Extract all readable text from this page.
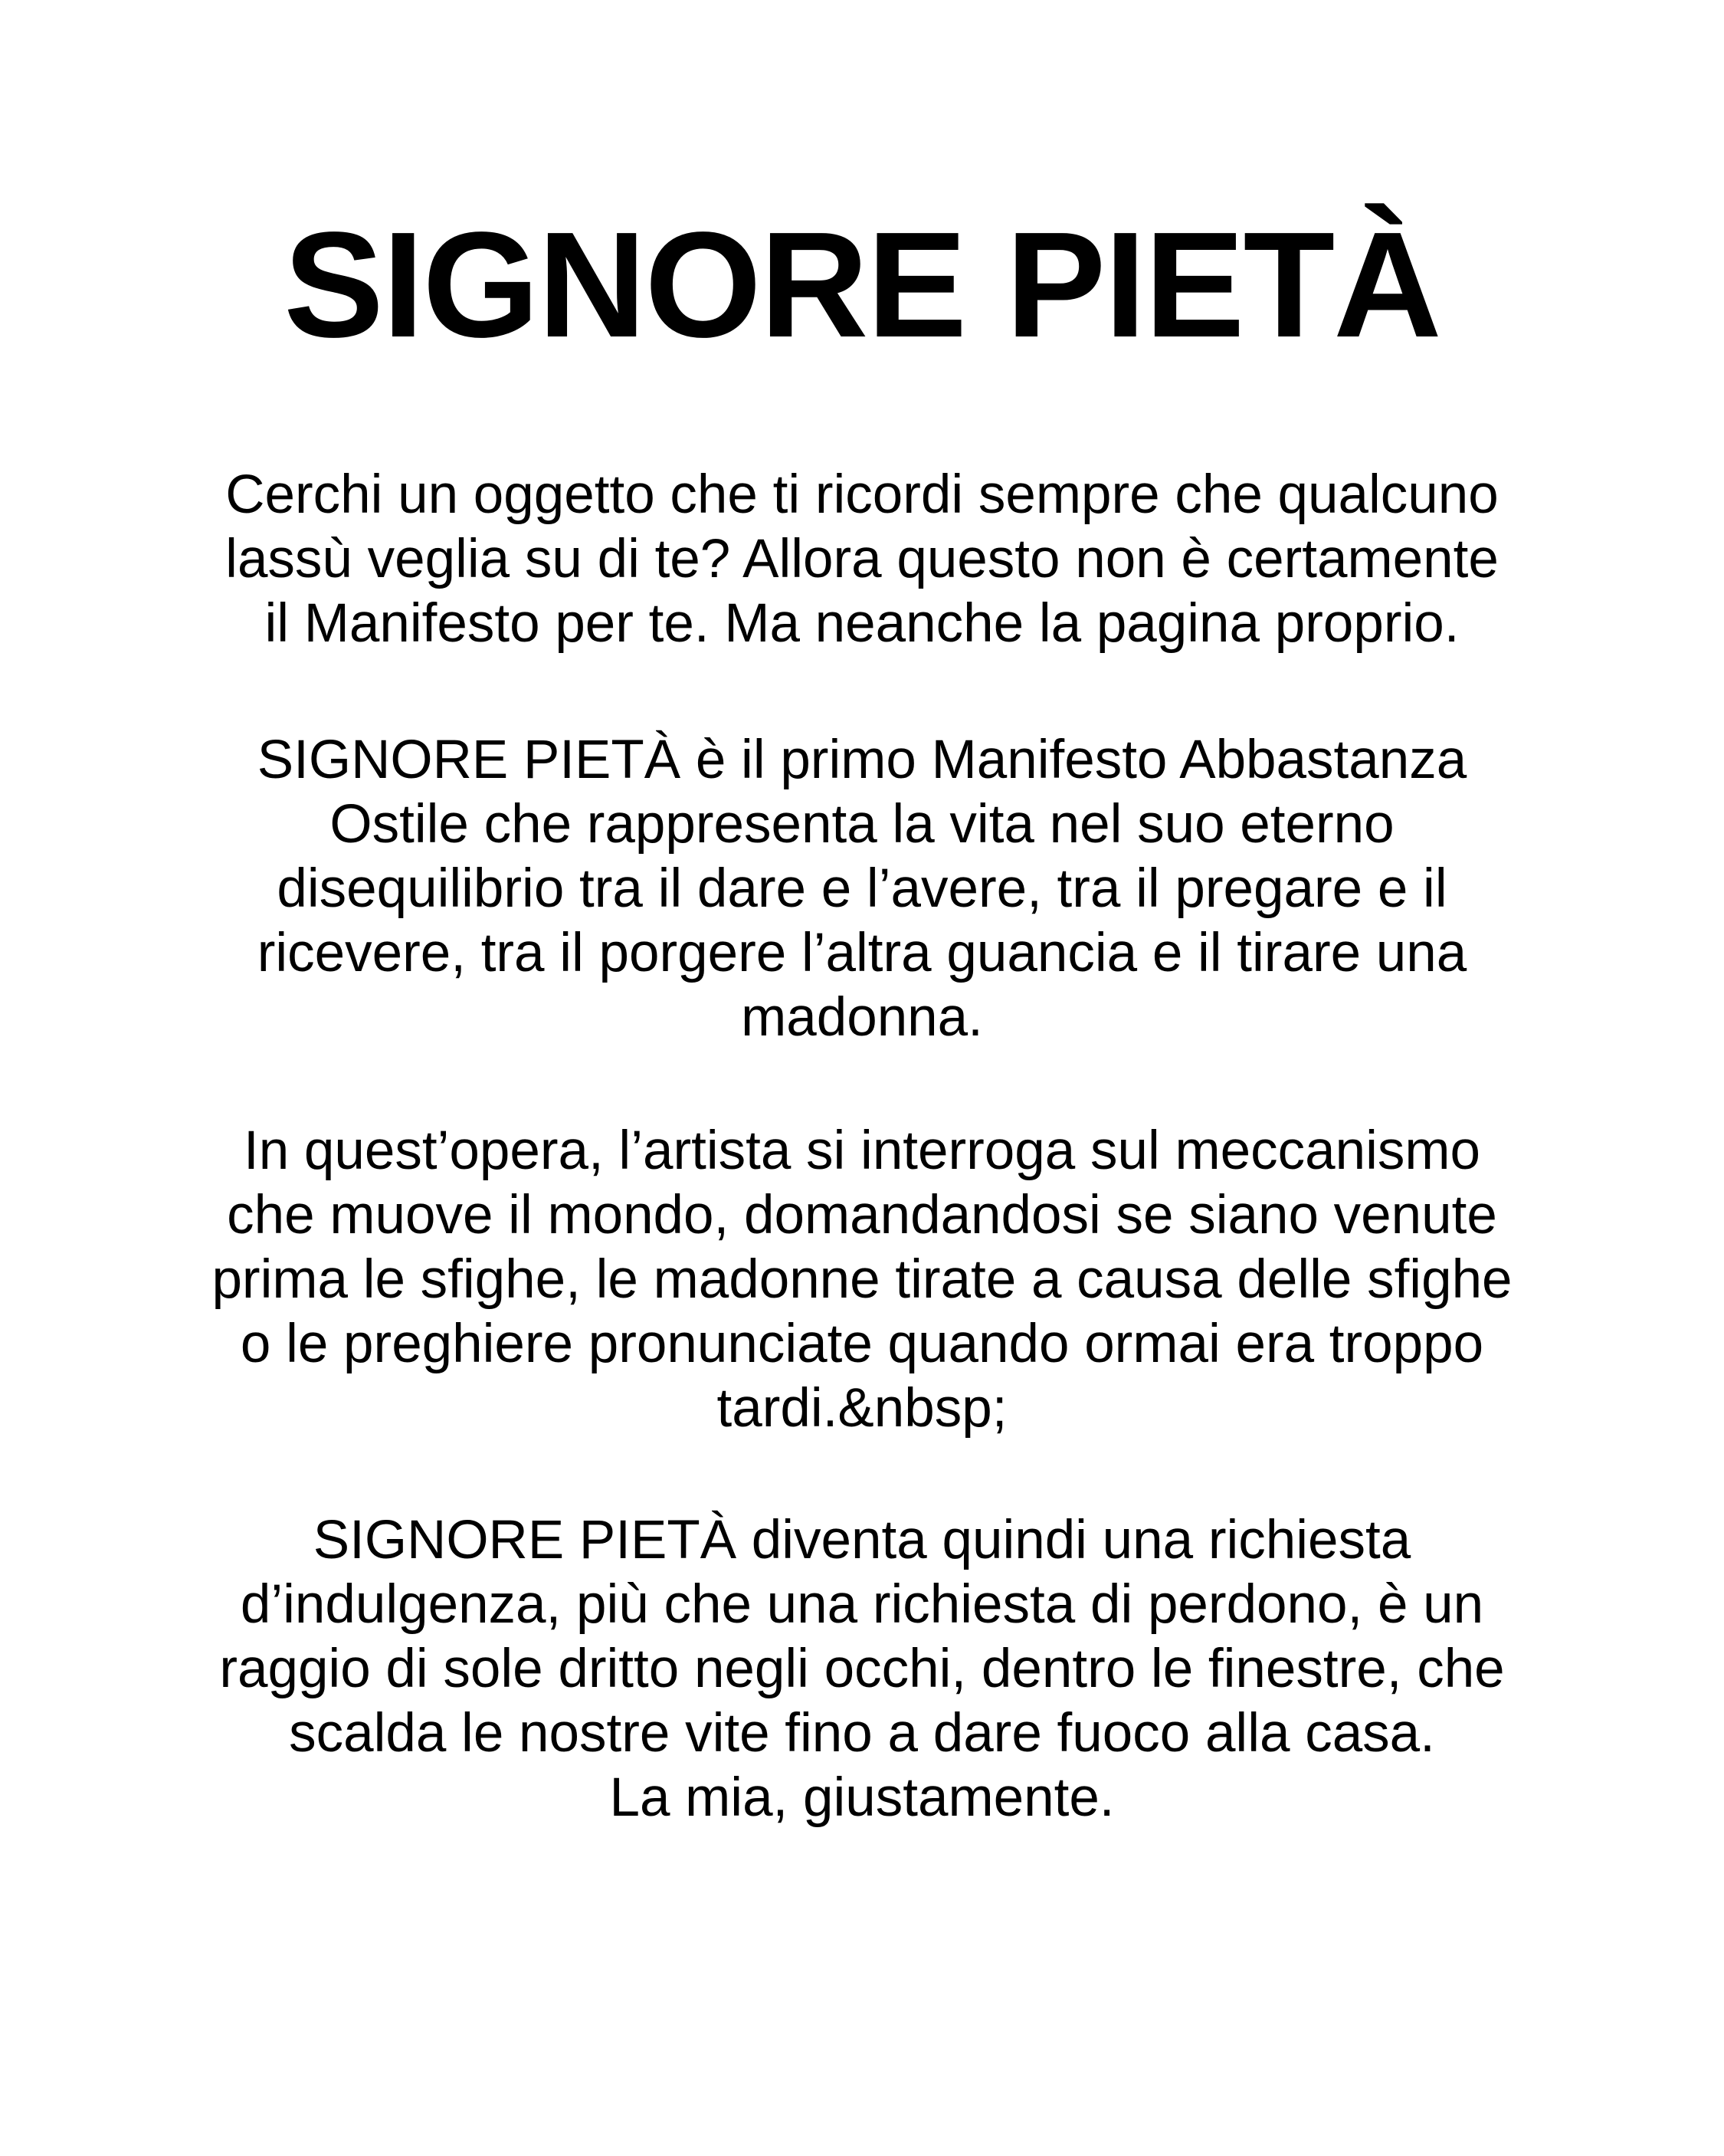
SIGNORE PIETÀ

Cerchi un oggetto che ti ricordi sempre che qualcuno
lassù veglia su di te? Allora questo non è certamente
il Manifesto per te. Ma neanche la pagina proprio.

SIGNORE PIETÀ è il primo Manifesto Abbastanza
Ostile che rappresenta la vita nel suo eterno
disequilibrio tra il dare e l’avere, tra il pregare e il
ricevere, tra il porgere l’altra guancia e il tirare una
madonna.

In quest’opera, l’artista si interroga sul meccanismo
che muove il mondo, domandandosi se siano venute
prima le sfighe, le madonne tirate a causa delle sfighe
o le preghiere pronunciate quando ormai era troppo
tardi.&nbsp;

SIGNORE PIETÀ diventa quindi una richiesta
d’indulgenza, più che una richiesta di perdono, è un
raggio di sole dritto negli occhi, dentro le finestre, che
scalda le nostre vite fino a dare fuoco alla casa.
La mia, giustamente.
